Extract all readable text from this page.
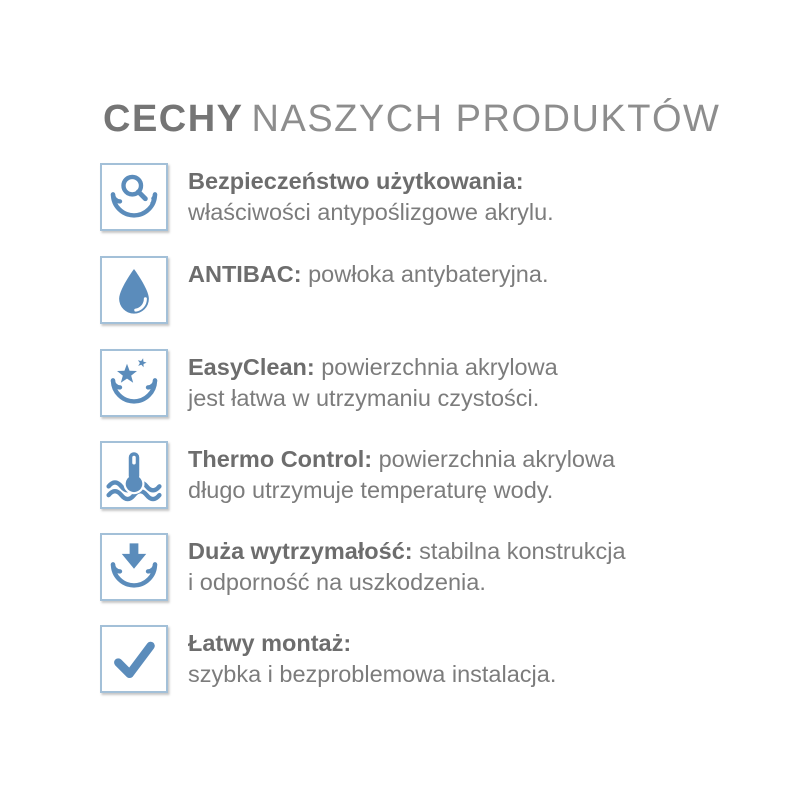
CECHY NASZYCH PRODUKTÓW
Bezpieczeństwo użytkowania:
właściwości antypoślizgowe akrylu.
ANTIBAC: powłoka antybateryjna.
EasyClean: powierzchnia akrylowa
jest łatwa w utrzymaniu czystości.
Thermo Control: powierzchnia akrylowa
długo utrzymuje temperaturę wody.
Duża wytrzymałość: stabilna konstrukcja
i odporność na uszkodzenia.
Łatwy montaż:
szybka i bezproblemowa instalacja.
